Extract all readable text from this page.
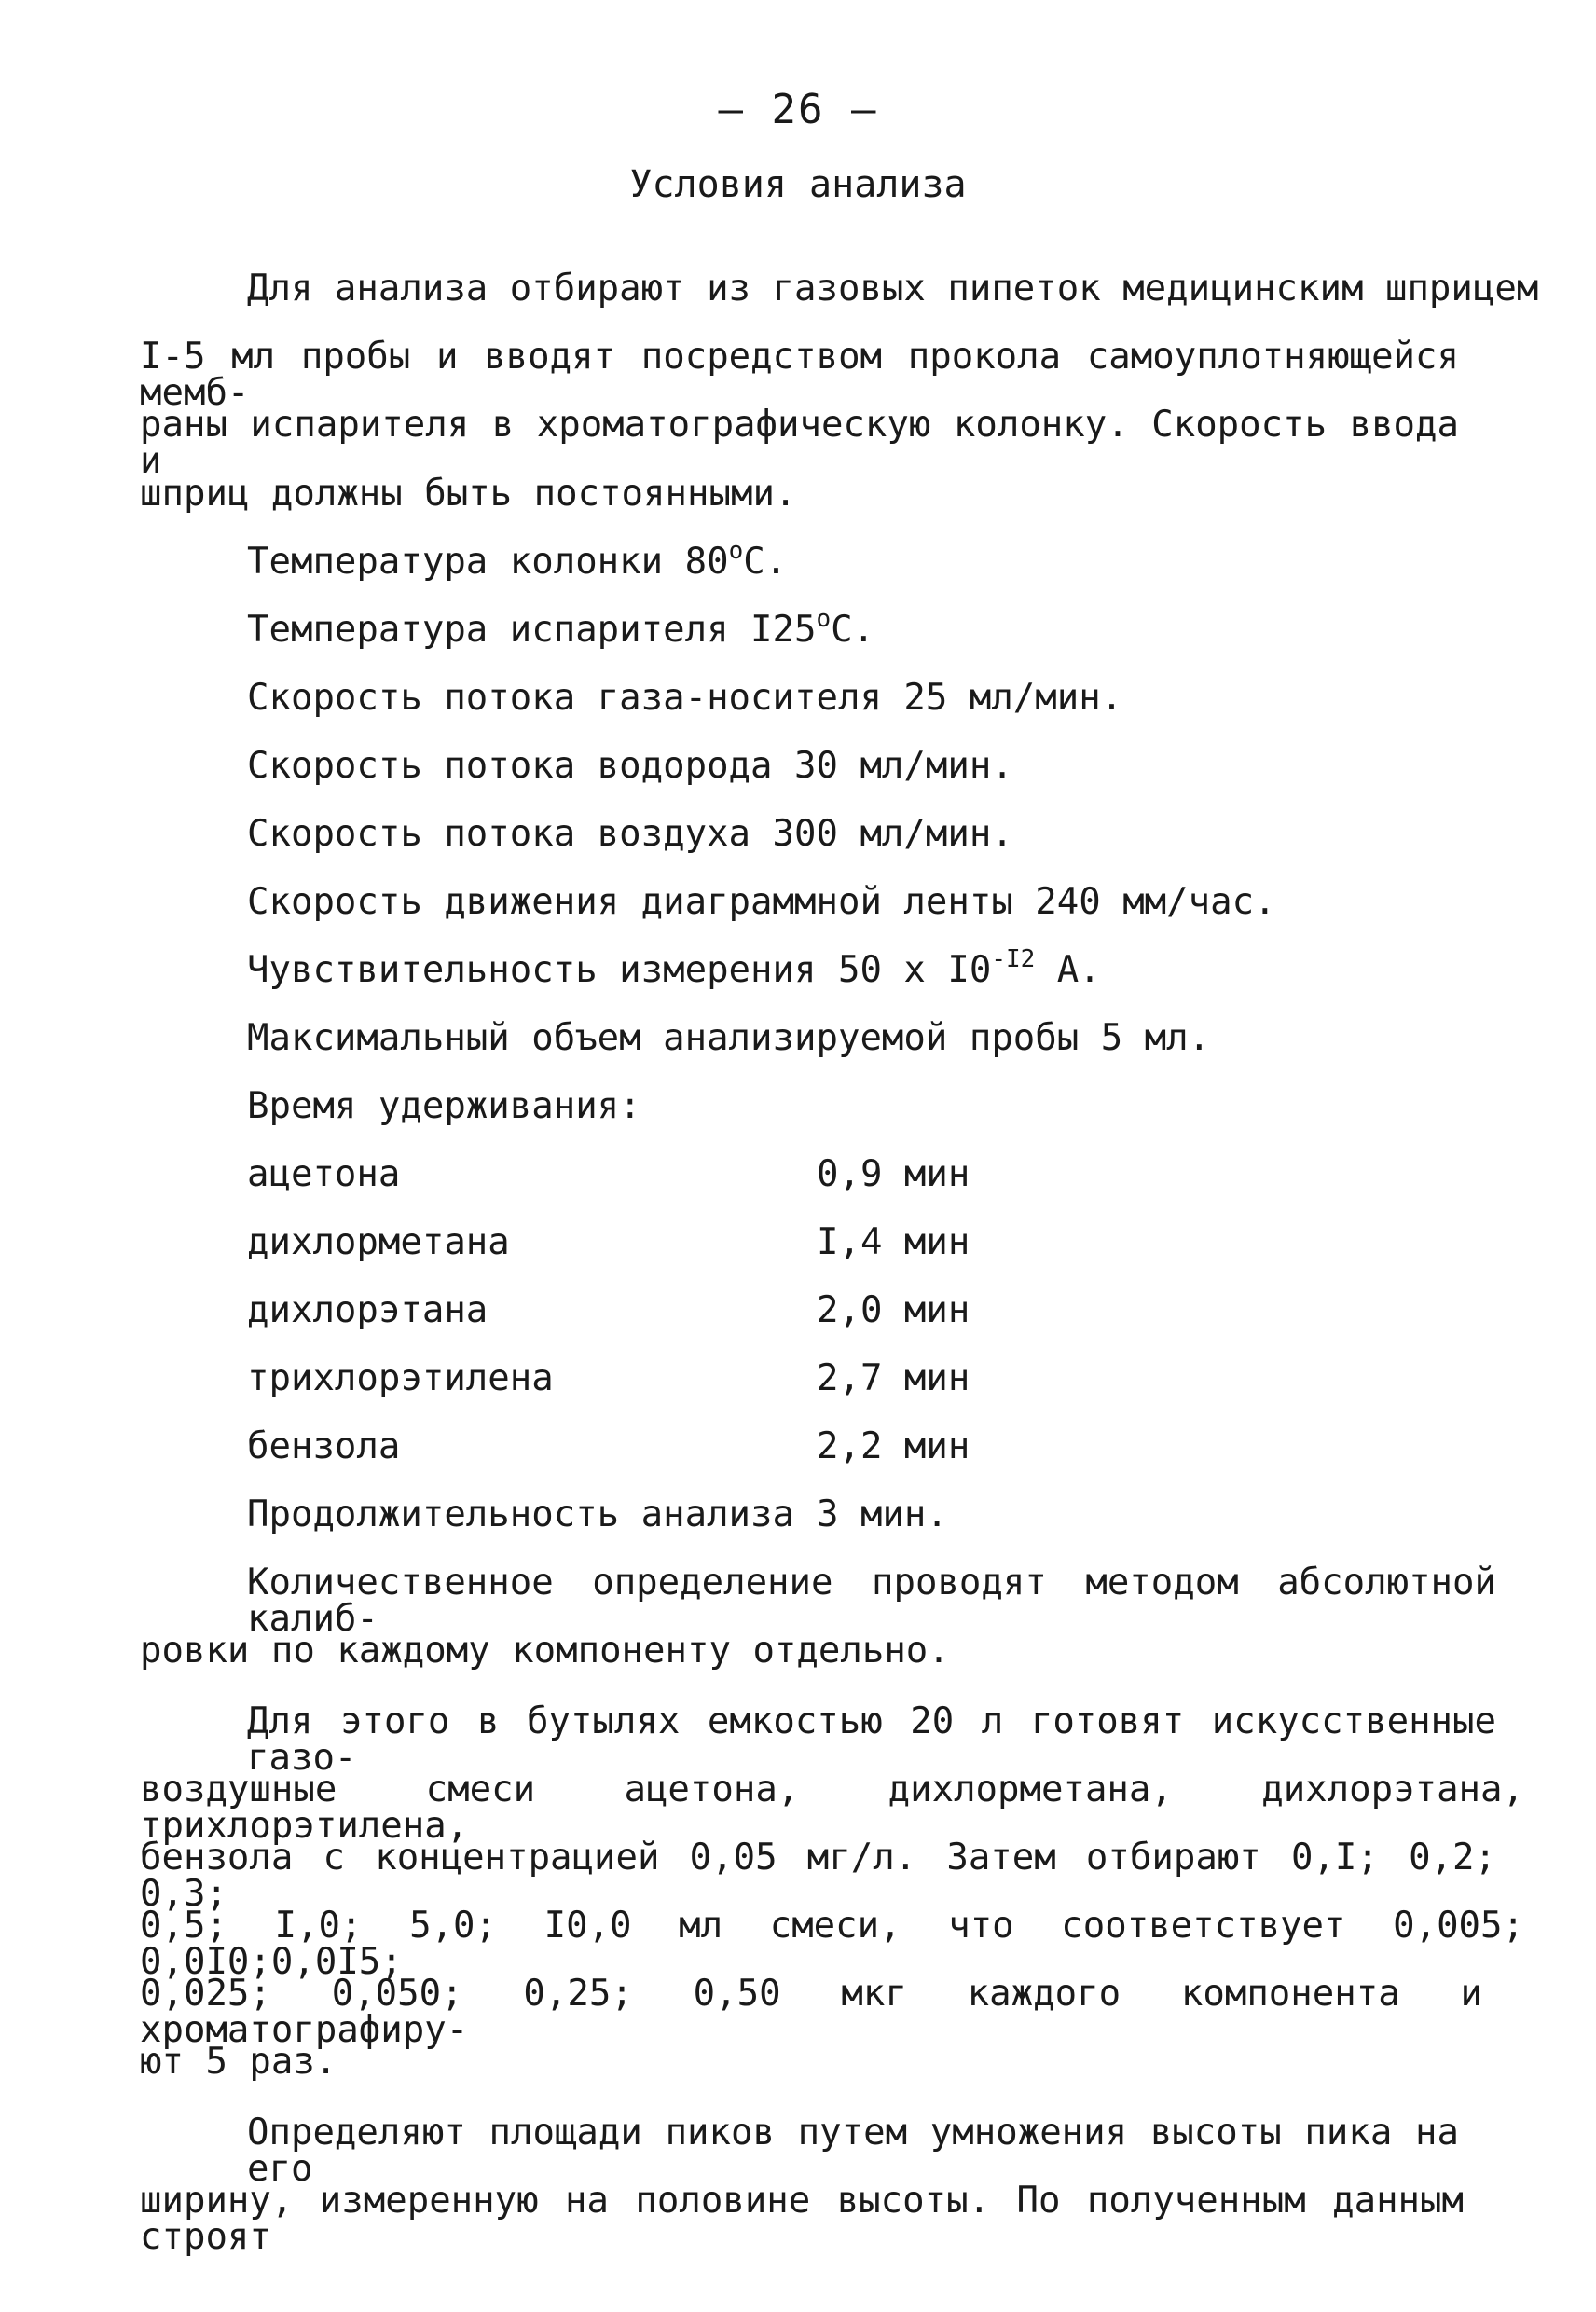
– 26 –
Условия анализа
Для анализа отбирают из газовых пипеток медицинским шприцем
I-5 мл пробы и вводят посредством прокола самоуплотняющейся мемб-
раны испарителя в хроматографическую колонку. Скорость ввода и
шприц должны быть постоянными.
Температура колонки $80^оС$.
Температура испарителя $I25^оС$.
Скорость потока газа-носителя 25 мл/мин.
Скорость потока водорода 30 мл/мин.
Скорость потока воздуха 300 мл/мин.
Скорость движения диаграммной ленты 240 мм/час.
Чувствительность измерения 50 х $I0^{-I2}$ А.
Максимальный объем анализируемой пробы 5 мл.
Время удерживания:
ацетона	0,9 мин
дихлорметана	I,4 мин
дихлорэтана	2,0 мин
трихлорэтилена	2,7 мин
бензола	2,2 мин
Продолжительность анализа 3 мин.
Количественное определение проводят методом абсолютной калиб-
ровки по каждому компоненту отдельно.
Для этого в бутылях емкостью 20 л готовят искусственные газо-
воздушные смеси ацетона, дихлорметана, дихлорэтана, трихлорэтилена,
бензола с концентрацией 0,05 мг/л. Затем отбирают 0,I; 0,2; 0,3;
0,5; I,0; 5,0; I0,0 мл смеси, что соответствует 0,005; 0,0I0;0,0I5;
0,025; 0,050; 0,25; 0,50 мкг каждого компонента и хроматографиру-
ют 5 раз.
Определяют площади пиков путем умножения высоты пика на его
ширину, измеренную на половине высоты. По полученным данным строят
